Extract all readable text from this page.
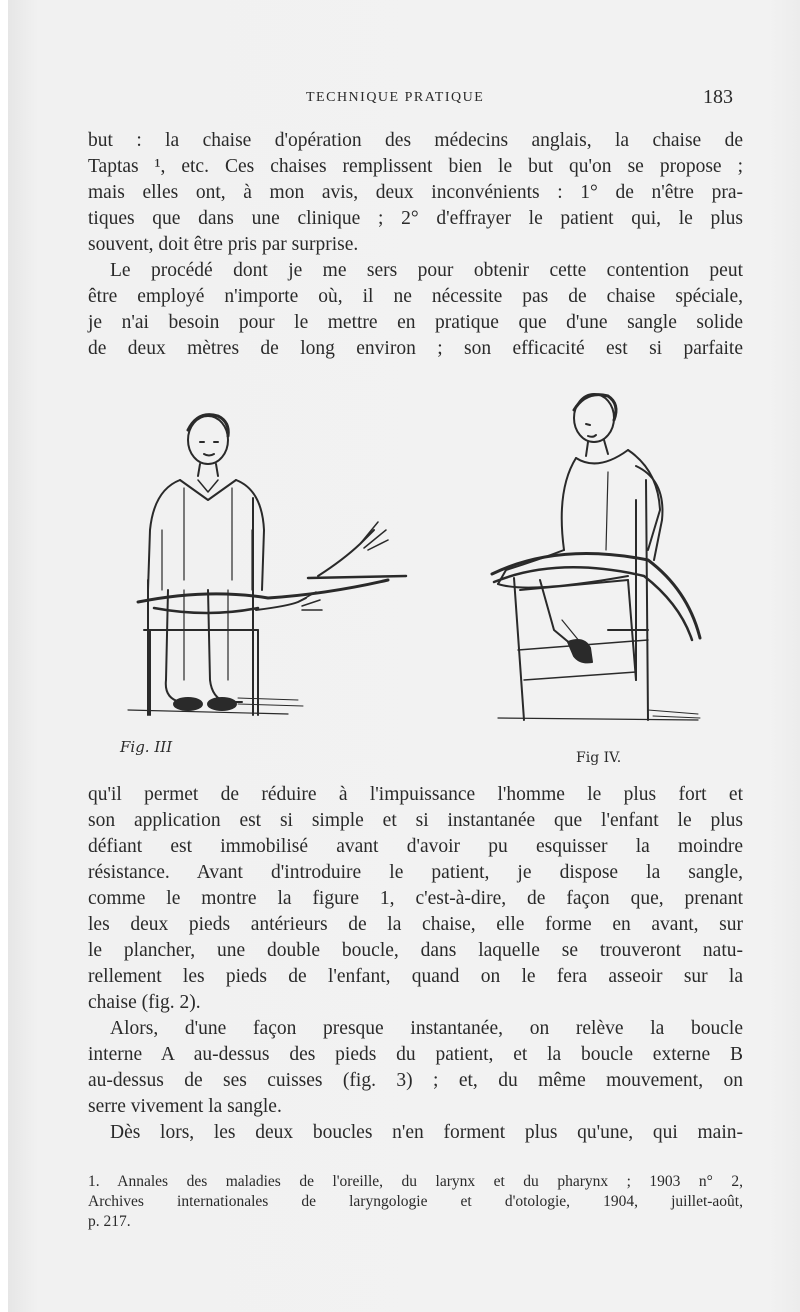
TECHNIQUE PRATIQUE	183
but : la chaise d'opération des médecins anglais, la chaise de
Taptas ¹, etc. Ces chaises remplissent bien le but qu'on se propose ;
mais elles ont, à mon avis, deux inconvénients : 1° de n'être pra-
tiques que dans une clinique ; 2° d'effrayer le patient qui, le plus
souvent, doit être pris par surprise.
Le procédé dont je me sers pour obtenir cette contention peut
être employé n'importe où, il ne nécessite pas de chaise spéciale,
je n'ai besoin pour le mettre en pratique que d'une sangle solide
de deux mètres de long environ ; son efficacité est si parfaite
Fig. III
Fig IV.
qu'il permet de réduire à l'impuissance l'homme le plus fort et
son application est si simple et si instantanée que l'enfant le plus
défiant est immobilisé avant d'avoir pu esquisser la moindre
résistance. Avant d'introduire le patient, je dispose la sangle,
comme le montre la figure 1, c'est-à-dire, de façon que, prenant
les deux pieds antérieurs de la chaise, elle forme en avant, sur
le plancher, une double boucle, dans laquelle se trouveront natu-
rellement les pieds de l'enfant, quand on le fera asseoir sur la
chaise (fig. 2).
Alors, d'une façon presque instantanée, on relève la boucle
interne A au-dessus des pieds du patient, et la boucle externe B
au-dessus de ses cuisses (fig. 3) ; et, du même mouvement, on
serre vivement la sangle.
Dès lors, les deux boucles n'en forment plus qu'une, qui main-
1. Annales des maladies de l'oreille, du larynx et du pharynx ; 1903 n° 2,
Archives internationales de laryngologie et d'otologie, 1904, juillet-août,
p. 217.
